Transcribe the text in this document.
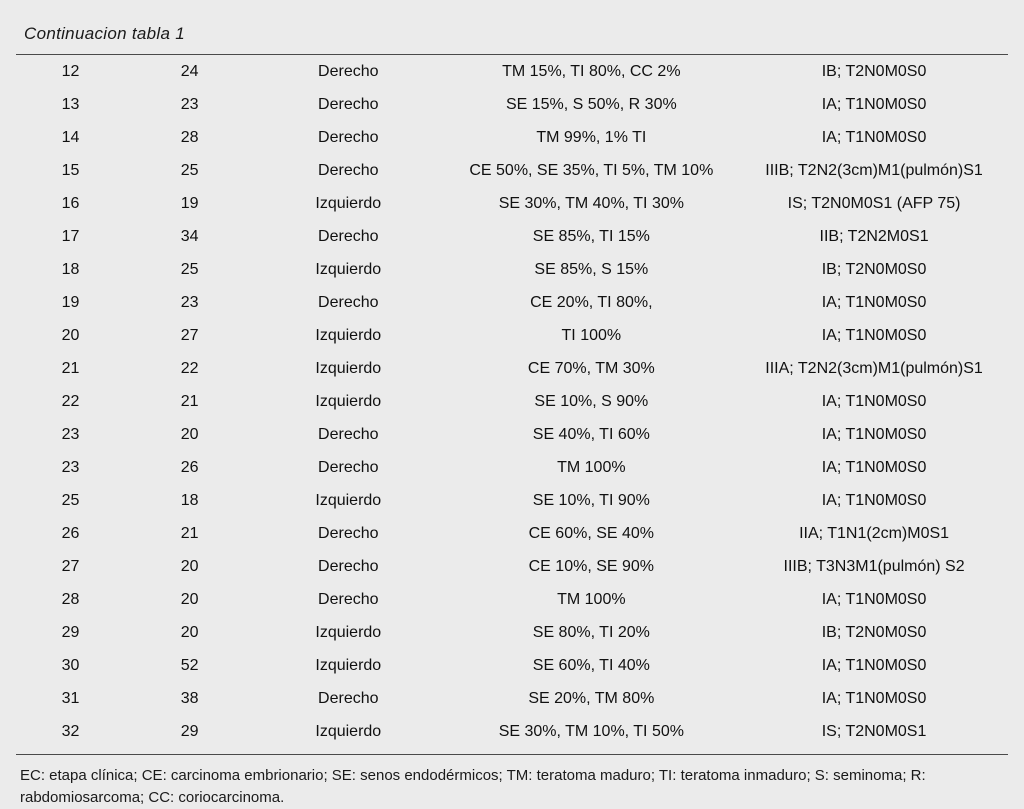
Continuacion tabla 1
12	24	Derecho	TM 15%, TI 80%, CC 2%	IB; T2N0M0S0
13	23	Derecho	SE 15%, S 50%, R 30%	IA; T1N0M0S0
14	28	Derecho	TM 99%, 1% TI	IA; T1N0M0S0
15	25	Derecho	CE 50%, SE 35%, TI 5%, TM 10%	IIIB; T2N2(3cm)M1(pulmón)S1
16	19	Izquierdo	SE 30%, TM 40%, TI 30%	IS; T2N0M0S1 (AFP 75)
17	34	Derecho	SE 85%, TI 15%	IIB; T2N2M0S1
18	25	Izquierdo	SE 85%, S 15%	IB; T2N0M0S0
19	23	Derecho	CE 20%, TI 80%,	IA; T1N0M0S0
20	27	Izquierdo	TI 100%	IA; T1N0M0S0
21	22	Izquierdo	CE 70%, TM 30%	IIIA; T2N2(3cm)M1(pulmón)S1
22	21	Izquierdo	SE 10%, S 90%	IA; T1N0M0S0
23	20	Derecho	SE 40%, TI 60%	IA; T1N0M0S0
23	26	Derecho	TM 100%	IA; T1N0M0S0
25	18	Izquierdo	SE 10%, TI 90%	IA; T1N0M0S0
26	21	Derecho	CE 60%, SE 40%	IIA; T1N1(2cm)M0S1
27	20	Derecho	CE 10%, SE 90%	IIIB; T3N3M1(pulmón) S2
28	20	Derecho	TM 100%	IA; T1N0M0S0
29	20	Izquierdo	SE 80%, TI 20%	IB; T2N0M0S0
30	52	Izquierdo	SE 60%, TI 40%	IA; T1N0M0S0
31	38	Derecho	SE 20%, TM 80%	IA; T1N0M0S0
32	29	Izquierdo	SE 30%, TM 10%, TI 50%	IS; T2N0M0S1
EC: etapa clínica; CE: carcinoma embrionario; SE: senos endodérmicos; TM: teratoma maduro; TI: teratoma inmaduro; S: seminoma; R: rabdomiosarcoma; CC: coriocarcinoma.
